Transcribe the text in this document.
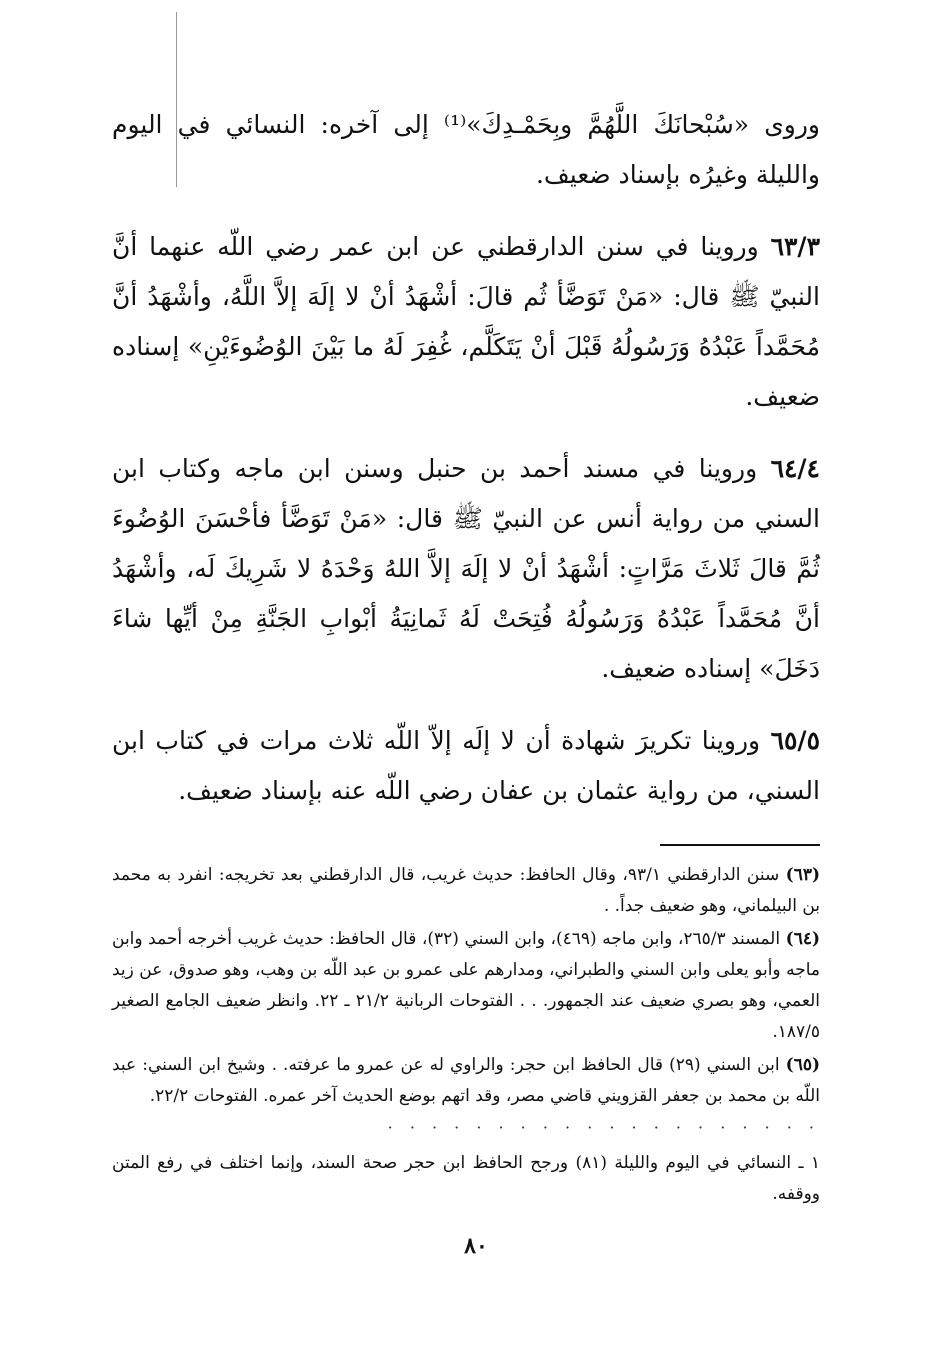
وروى «سُبْحانَكَ اللَّهُمَّ وبِحَمْـدِكَ»⁽¹⁾ إلى آخره: النسائي في اليوم والليلة وغيرُه بإسناد ضعيف.

٦٣/٣ وروينا في سنن الدارقطني عن ابن عمر رضي اللّه عنهما أنَّ النبيّ ﷺ قال: «مَنْ تَوَضَّأ ثُم قالَ: أشْهَدُ أنْ لا إلَهَ إلاَّ اللَّهُ، وأشْهَدُ أنَّ مُحَمَّداً عَبْدُهُ وَرَسُولُهُ قَبْلَ أنْ يَتَكَلَّم، غُفِرَ لَهُ ما بَيْنَ الوُضُوءَيْنِ» إسناده ضعيف.

٦٤/٤ وروينا في مسند أحمد بن حنبل وسنن ابن ماجه وكتاب ابن السني من رواية أنس عن النبيّ ﷺ قال: «مَنْ تَوَضَّأ فأحْسَنَ الوُضُوءَ ثُمَّ قالَ ثَلاثَ مَرَّاتٍ: أشْهَدُ أنْ لا إلَهَ إلاَّ اللهُ وَحْدَهُ لا شَرِيكَ لَه، وأشْهَدُ أنَّ مُحَمَّداً عَبْدُهُ وَرَسُولُهُ فُتِحَتْ لَهُ ثَمانِيَةُ أبْوابِ الجَنَّةِ مِنْ أيِّها شاءَ دَخَلَ» إسناده ضعيف.

٦٥/٥ وروينا تكريرَ شهادة أن لا إلَه إلاّ اللّه ثلاث مرات في كتاب ابن السني، من رواية عثمان بن عفان رضي اللّه عنه بإسناد ضعيف.

(٦٣) سنن الدارقطني ٩٣/١، وقال الحافظ: حديث غريب، قال الدارقطني بعد تخريجه: انفرد به محمد بن البيلماني، وهو ضعيف جداً. .

(٦٤) المسند ٢٦٥/٣، وابن ماجه (٤٦٩)، وابن السني (٣٢)، قال الحافظ: حديث غريب أخرجه أحمد وابن ماجه وأبو يعلى وابن السني والطبراني، ومدارهم على عمرو بن عبد اللّه بن وهب، وهو صدوق، عن زيد العمي، وهو بصري ضعيف عند الجمهور. . . الفتوحات الربانية ٢١/٢ ـ ٢٢. وانظر ضعيف الجامع الصغير ١٨٧/٥.

(٦٥) ابن السني (٢٩) قال الحافظ ابن حجر: والراوي له عن عمرو ما عرفته. . وشيخ ابن السني: عبد اللّه بن محمد بن جعفر القزويني قاضي مصر، وقد اتهم بوضع الحديث آخر عمره. الفتوحات ٢٢/٢.

· · · · · · · · · · · · · · · · · · · ·

١ ـ النسائي في اليوم والليلة (٨١) ورجح الحافظ ابن حجر صحة السند، وإنما اختلف في رفع المتن ووقفه.

٨٠
